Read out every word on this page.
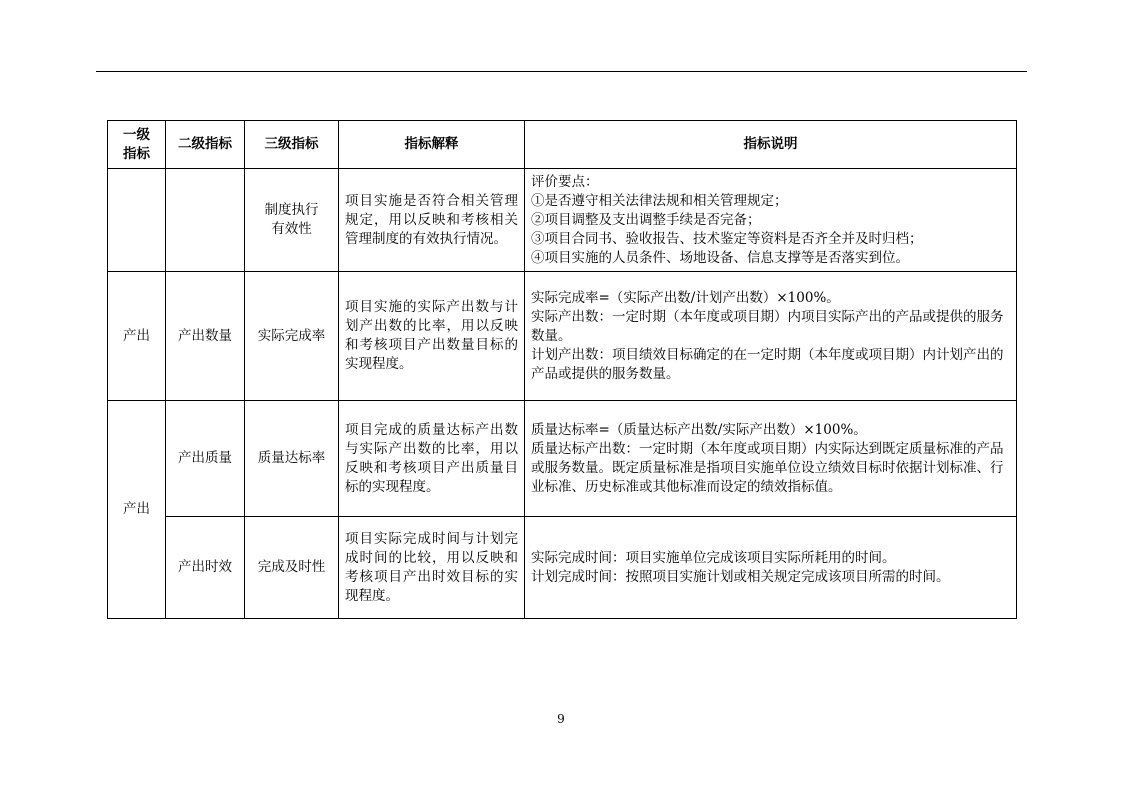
一级指标	二级指标	三级指标	指标解释	指标说明
		制度执行有效性	项目实施是否符合相关管理规定，用以反映和考核相关管理制度的有效执行情况。	评价要点：
①是否遵守相关法律法规和相关管理规定；
②项目调整及支出调整手续是否完备；
③项目合同书、验收报告、技术鉴定等资料是否齐全并及时归档；
④项目实施的人员条件、场地设备、信息支撑等是否落实到位。

产出	产出数量	实际完成率	项目实施的实际产出数与计划产出数的比率，用以反映和考核项目产出数量目标的实现程度。	实际完成率=（实际产出数/计划产出数）×100%。
实际产出数：一定时期（本年度或项目期）内项目实际产出的产品或提供的服务数量。
计划产出数：项目绩效目标确定的在一定时期（本年度或项目期）内计划产出的产品或提供的服务数量。

产出	产出质量	质量达标率	项目完成的质量达标产出数与实际产出数的比率，用以反映和考核项目产出质量目标的实现程度。	质量达标率=（质量达标产出数/实际产出数）×100%。
质量达标产出数：一定时期（本年度或项目期）内实际达到既定质量标准的产品或服务数量。既定质量标准是指项目实施单位设立绩效目标时依据计划标准、行业标准、历史标准或其他标准而设定的绩效指标值。

	产出时效	完成及时性	项目实际完成时间与计划完成时间的比较，用以反映和考核项目产出时效目标的实现程度。	实际完成时间：项目实施单位完成该项目实际所耗用的时间。
计划完成时间：按照项目实施计划或相关规定完成该项目所需的时间。
9
